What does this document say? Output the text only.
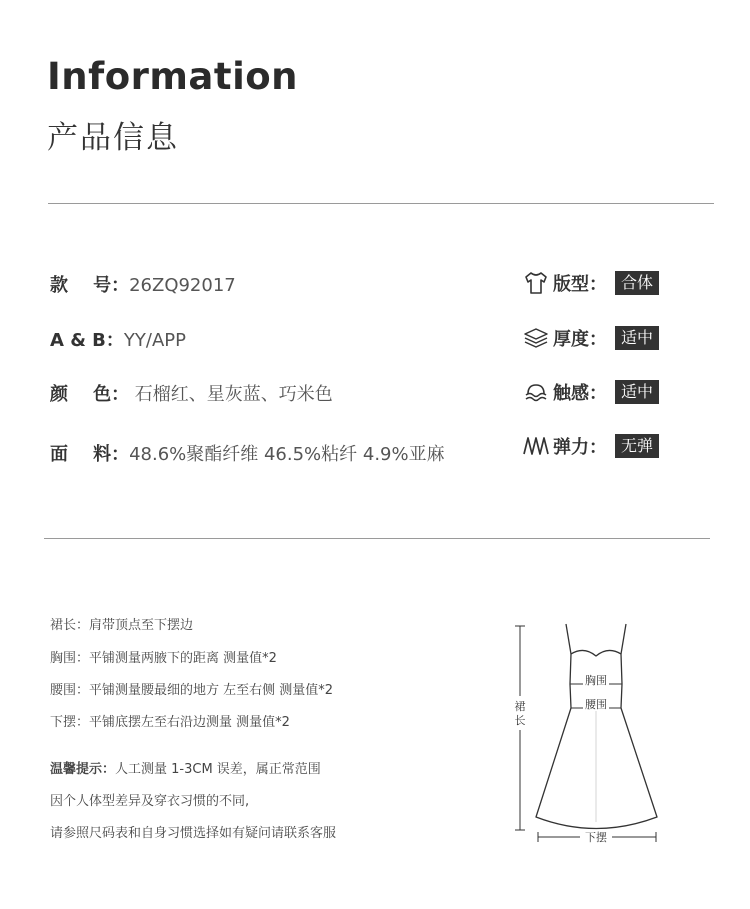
Information
产品信息
款    号：26ZQ92017
A & B：YY/APP
颜    色： 石榴红、星灰蓝、巧米色
面    料：48.6%聚酯纤维 46.5%粘纤 4.9%亚麻
版型： 合体
厚度： 适中
触感： 适中
弹力： 无弹
裙长：肩带顶点至下摆边
胸围：平铺测量两腋下的距离 测量值*2
腰围：平铺测量腰最细的地方 左至右侧 测量值*2
下摆：平铺底摆左至右沿边测量 测量值*2
温馨提示：人工测量 1-3CM 误差，属正常范围
因个人体型差异及穿衣习惯的不同,
请参照尺码表和自身习惯选择如有疑问请联系客服
裙
长
胸围
腰围
下摆
